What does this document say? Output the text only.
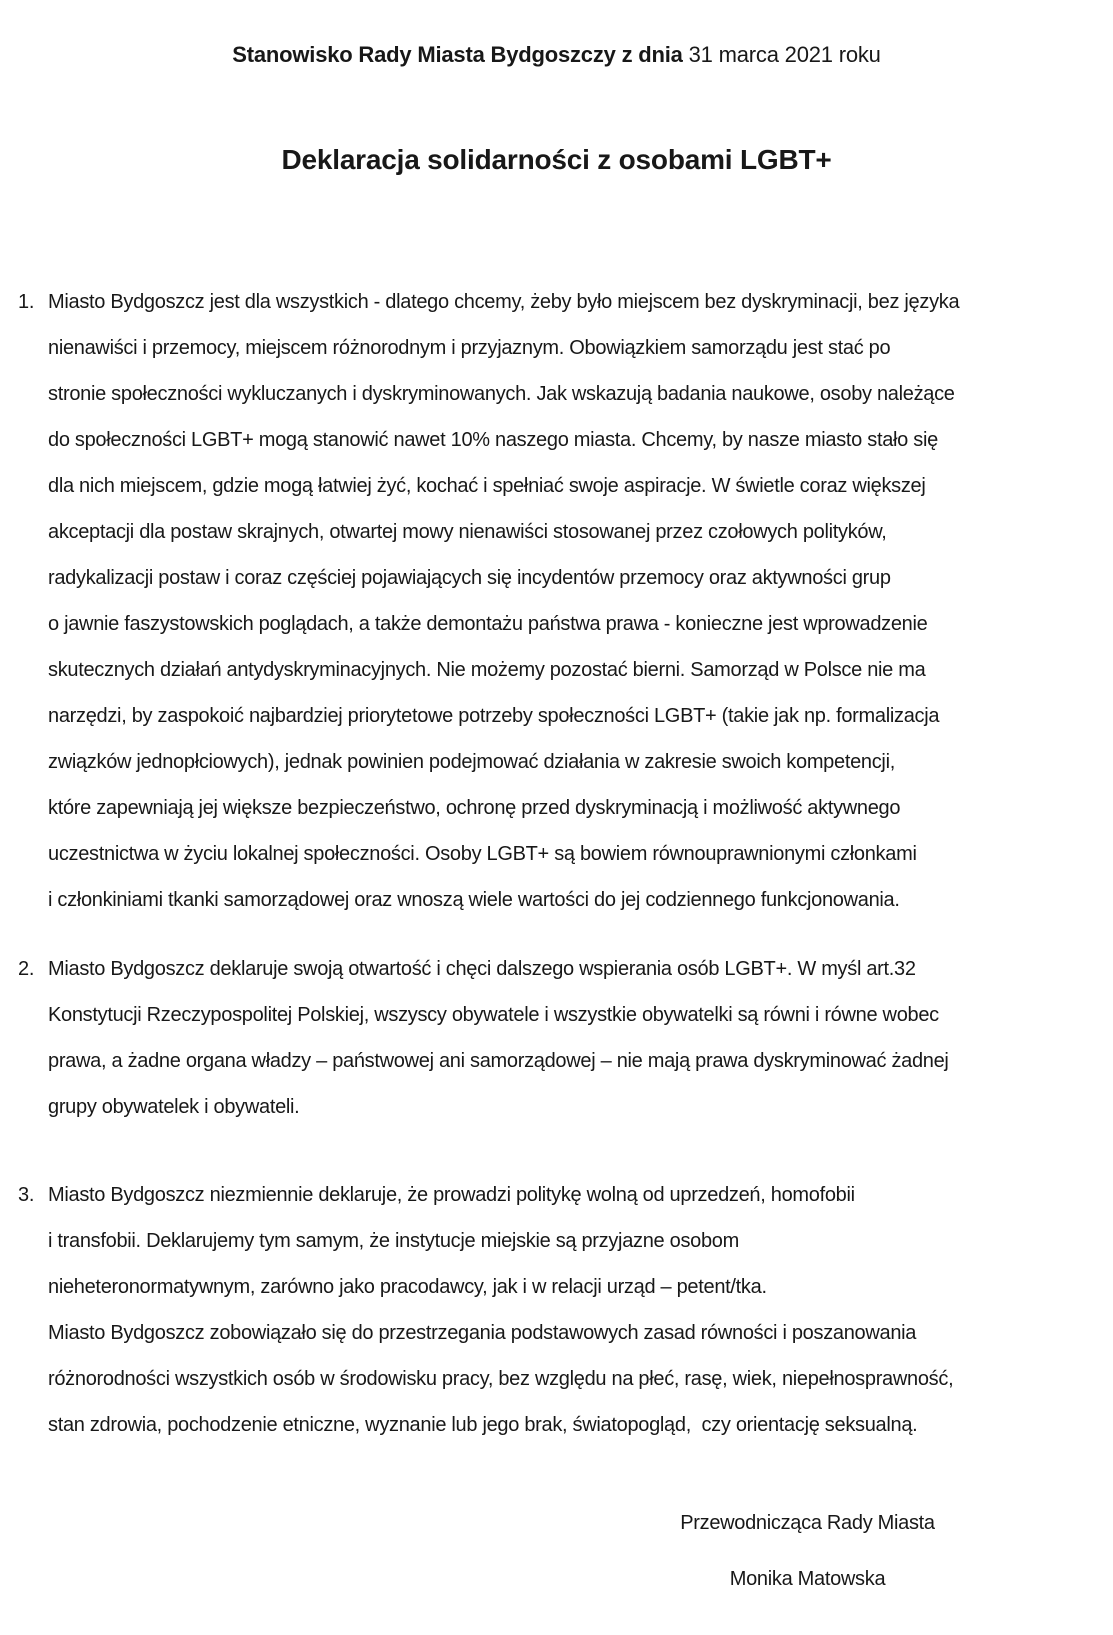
Stanowisko Rady Miasta Bydgoszczy z dnia 31 marca 2021 roku
Deklaracja solidarności z osobami LGBT+
1. Miasto Bydgoszcz jest dla wszystkich - dlatego chcemy, żeby było miejscem bez dyskryminacji, bez języka
nienawiści i przemocy, miejscem różnorodnym i przyjaznym. Obowiązkiem samorządu jest stać po
stronie społeczności wykluczanych i dyskryminowanych. Jak wskazują badania naukowe, osoby należące
do społeczności LGBT+ mogą stanowić nawet 10% naszego miasta. Chcemy, by nasze miasto stało się
dla nich miejscem, gdzie mogą łatwiej żyć, kochać i spełniać swoje aspiracje. W świetle coraz większej
akceptacji dla postaw skrajnych, otwartej mowy nienawiści stosowanej przez czołowych polityków,
radykalizacji postaw i coraz częściej pojawiających się incydentów przemocy oraz aktywności grup
o jawnie faszystowskich poglądach, a także demontażu państwa prawa - konieczne jest wprowadzenie
skutecznych działań antydyskryminacyjnych. Nie możemy pozostać bierni. Samorząd w Polsce nie ma
narzędzi, by zaspokoić najbardziej priorytetowe potrzeby społeczności LGBT+ (takie jak np. formalizacja
związków jednopłciowych), jednak powinien podejmować działania w zakresie swoich kompetencji,
które zapewniają jej większe bezpieczeństwo, ochronę przed dyskryminacją i możliwość aktywnego
uczestnictwa w życiu lokalnej społeczności. Osoby LGBT+ są bowiem równouprawnionymi członkami
i członkiniami tkanki samorządowej oraz wnoszą wiele wartości do jej codziennego funkcjonowania.
2. Miasto Bydgoszcz deklaruje swoją otwartość i chęci dalszego wspierania osób LGBT+. W myśl art.32
Konstytucji Rzeczypospolitej Polskiej, wszyscy obywatele i wszystkie obywatelki są równi i równe wobec
prawa, a żadne organa władzy – państwowej ani samorządowej – nie mają prawa dyskryminować żadnej
grupy obywatelek i obywateli.
3. Miasto Bydgoszcz niezmiennie deklaruje, że prowadzi politykę wolną od uprzedzeń, homofobii
i transfobii. Deklarujemy tym samym, że instytucje miejskie są przyjazne osobom
nieheteronormatywnym, zarówno jako pracodawcy, jak i w relacji urząd – petent/tka.
Miasto Bydgoszcz zobowiązało się do przestrzegania podstawowych zasad równości i poszanowania
różnorodności wszystkich osób w środowisku pracy, bez względu na płeć, rasę, wiek, niepełnosprawność,
stan zdrowia, pochodzenie etniczne, wyznanie lub jego brak, światopogląd,  czy orientację seksualną.
Przewodnicząca Rady Miasta
Monika Matowska
